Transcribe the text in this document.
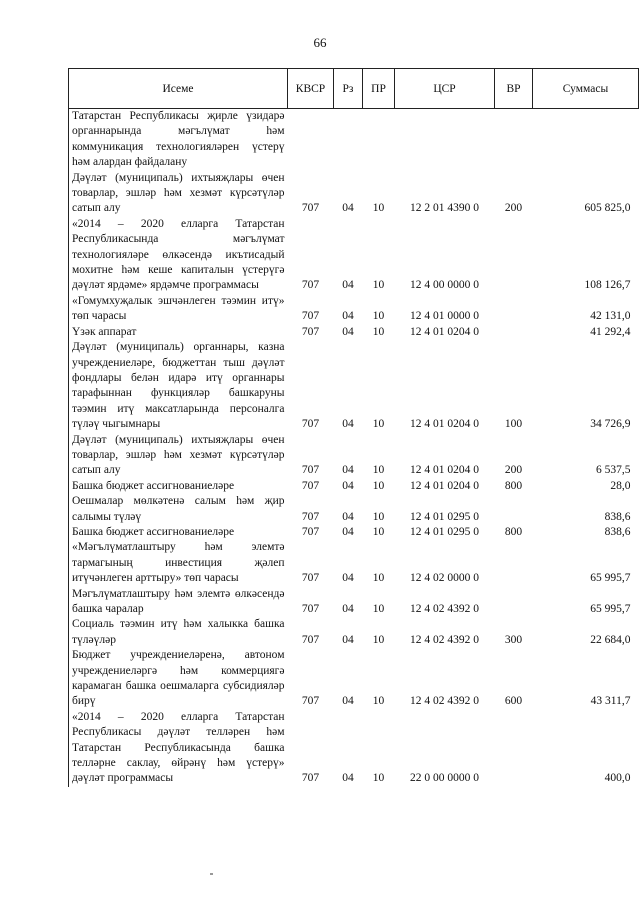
66
Исеме	КВСР	Рз	ПР	ЦСР	ВР	Суммасы
Татарстан Республикасы җирле үзидарә органнарында мәгълүмат һәм коммуникация технологияләрен үстерү һәм алардан файдалану						
Дәүләт (муниципаль) ихтыяҗлары өчен товарлар, эшләр һәм хезмәт күрсәтүләр сатып алу	707	04	10	12 2 01 4390 0	200	605 825,0
«2014 – 2020 елларга Татарстан Республикасында мәгълүмат технологияләре өлкәсендә икътисадый мохитне һәм кеше капиталын үстерүгә дәүләт ярдәме» ярдәмче программасы	707	04	10	12 4 00 0000 0		108 126,7
«Гомумхуҗалык эшчәнлеген тәэмин итү» төп чарасы	707	04	10	12 4 01 0000 0		42 131,0
Үзәк аппарат	707	04	10	12 4 01 0204 0		41 292,4
Дәүләт (муниципаль) органнары, казна учреждениеләре, бюджеттан тыш дәүләт фондлары белән идарә итү органнары тарафыннан функцияләр башкаруны тәэмин итү максатларында персоналга түләү чыгымнары	707	04	10	12 4 01 0204 0	100	34 726,9
Дәүләт (муниципаль) ихтыяҗлары өчен товарлар, эшләр һәм хезмәт күрсәтүләр сатып алу	707	04	10	12 4 01 0204 0	200	6 537,5
Башка бюджет ассигнованиеләре	707	04	10	12 4 01 0204 0	800	28,0
Оешмалар мөлкәтенә салым һәм җир салымы түләү	707	04	10	12 4 01 0295 0		838,6
Башка бюджет ассигнованиеләре	707	04	10	12 4 01 0295 0	800	838,6
«Мәгълүматлаштыру һәм элемтә тармагының инвестиция җәлеп итүчәнлеген арттыру» төп чарасы	707	04	10	12 4 02 0000 0		65 995,7
Мәгълүматлаштыру һәм элемтә өлкәсендә башка чаралар	707	04	10	12 4 02 4392 0		65 995,7
Социаль тәэмин итү һәм халыкка башка түләүләр	707	04	10	12 4 02 4392 0	300	22 684,0
Бюджет учреждениеләренә, автоном учреждениеләргә һәм коммерциягә карамаган башка оешмаларга субсидияләр бирү	707	04	10	12 4 02 4392 0	600	43 311,7
«2014 – 2020 елларга Татарстан Республикасы дәүләт телләрен һәм Татарстан Республикасында башка телләрне саклау, өйрәнү һәм үстерү» дәүләт программасы	707	04	10	22 0 00 0000 0		400,0
